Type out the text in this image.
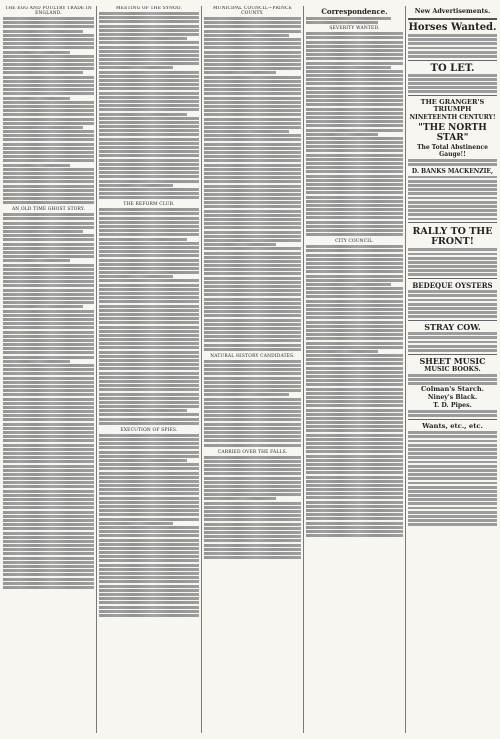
THE EGG AND POULTRY TRADE IN ENGLAND.
AN OLD TIME GHOST STORY.
MEETING OF THE SYNOD.
THE REFORM CLUB.
EXECUTION OF SPIES.
MUNICIPAL COUNCIL—PRINCE COUNTY.
NATURAL HISTORY CANDIDATES.
CARRIED OVER THE FALLS.
Correspondence.
SEVERITY WANTED.
CITY COUNCIL.
New Advertisements.
Horses Wanted.
TO LET.
THE GRANGER'S TRIUMPH
NINETEENTH CENTURY!
"THE NORTH STAR"
The Total Abstinence Gauge!!
D. BANKS MACKENZIE,
RALLY TO THE FRONT!
BEDEQUE OYSTERS
STRAY COW.
SHEET MUSIC
MUSIC BOOKS.
Colman's Starch.
Niney's Black.
T. D. Pipes.
Wants, etc., etc.
